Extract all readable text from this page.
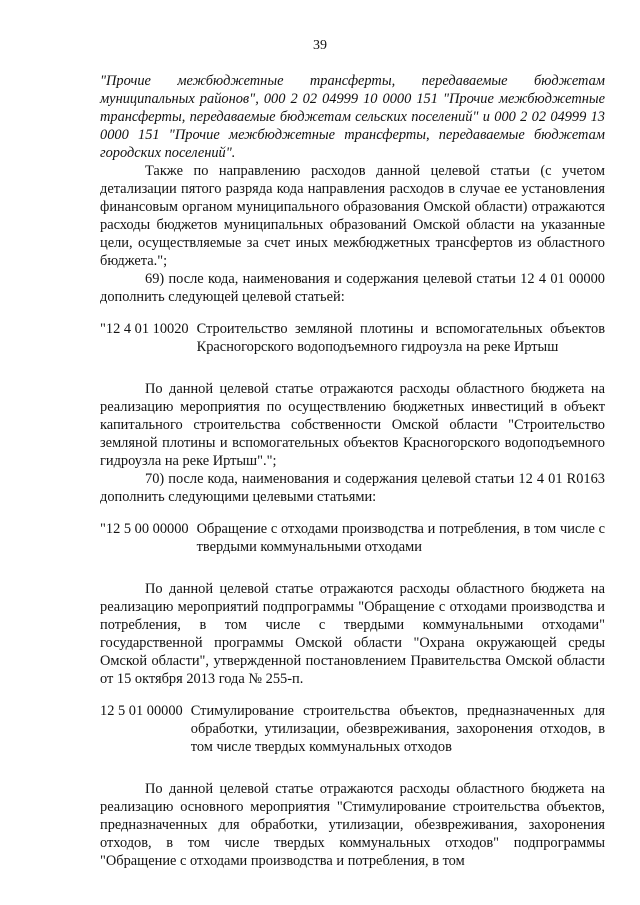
39

"Прочие межбюджетные трансферты, передаваемые бюджетам муниципальных районов", 000 2 02 04999 10 0000 151 "Прочие межбюджетные трансферты, передаваемые бюджетам сельских поселений" и 000 2 02 04999 13 0000 151 "Прочие межбюджетные трансферты, передаваемые бюджетам городских поселений".

Также по направлению расходов данной целевой статьи (с учетом детализации пятого разряда кода направления расходов в случае ее установления финансовым органом муниципального образования Омской области) отражаются расходы бюджетов муниципальных образований Омской области на указанные цели, осуществляемые за счет иных межбюджетных трансфертов из областного бюджета.";

69) после кода, наименования и содержания целевой статьи 12 4 01 00000 дополнить следующей целевой статьей:

"12 4 01 10020 Строительство земляной плотины и вспомогательных объектов Красногорского водоподъемного гидроузла на реке Иртыш

По данной целевой статье отражаются расходы областного бюджета на реализацию мероприятия по осуществлению бюджетных инвестиций в объект капитального строительства собственности Омской области "Строительство земляной плотины и вспомогательных объектов Красногорского водоподъемного гидроузла на реке Иртыш".";

70) после кода, наименования и содержания целевой статьи 12 4 01 R0163 дополнить следующими целевыми статьями:

"12 5 00 00000 Обращение с отходами производства и потребления, в том числе с твердыми коммунальными отходами

По данной целевой статье отражаются расходы областного бюджета на реализацию мероприятий подпрограммы "Обращение с отходами производства и потребления, в том числе с твердыми коммунальными отходами" государственной программы Омской области "Охрана окружающей среды Омской области", утвержденной постановлением Правительства Омской области от 15 октября 2013 года № 255-п.

12 5 01 00000 Стимулирование строительства объектов, предназначенных для обработки, утилизации, обезвреживания, захоронения отходов, в том числе твердых коммунальных отходов

По данной целевой статье отражаются расходы областного бюджета на реализацию основного мероприятия "Стимулирование строительства объектов, предназначенных для обработки, утилизации, обезвреживания, захоронения отходов, в том числе твердых коммунальных отходов" подпрограммы "Обращение с отходами производства и потребления, в том
